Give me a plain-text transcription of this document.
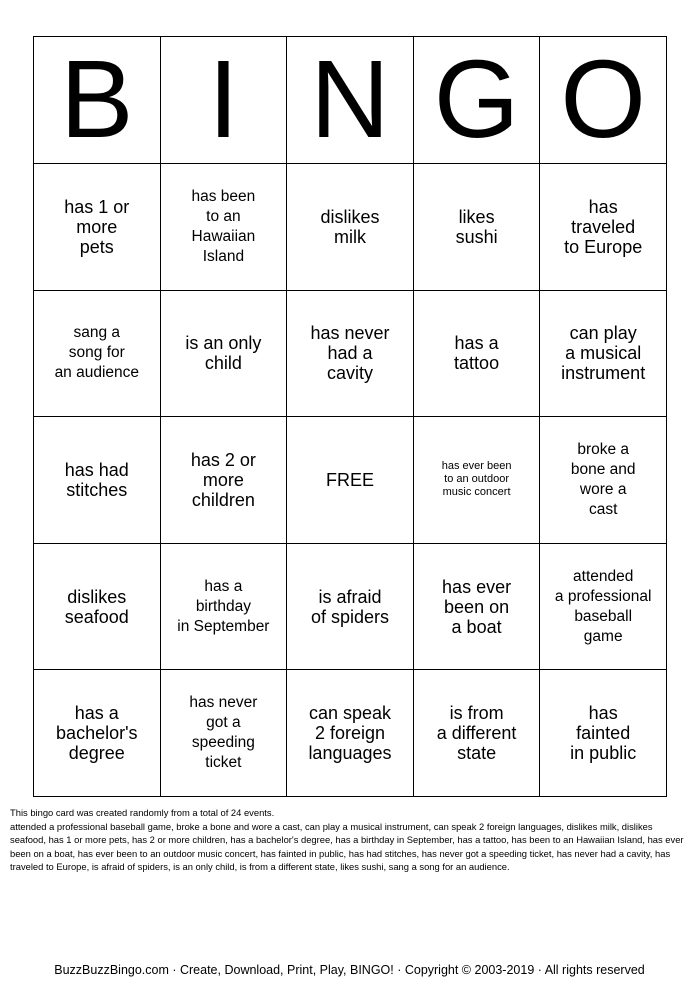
B	I	N	G	O

has 1 or
more
pets	has been
to an
Hawaiian
Island	dislikes
milk	likes
sushi	has
traveled
to Europe

sang a
song for
an audience	is an only
child	has never
had a
cavity	has a
tattoo	can play
a musical
instrument

has had
stitches	has 2 or
more
children	FREE	has ever been
to an outdoor
music concert	broke a
bone and
wore a
cast

dislikes
seafood	has a
birthday
in September	is afraid
of spiders	has ever
been on
a boat	attended
a professional
baseball
game

has a
bachelor's
degree	has never
got a
speeding
ticket	can speak
2 foreign
languages	is from
a different
state	has
fainted
in public

This bingo card was created randomly from a total of 24 events.

attended a professional baseball game, broke a bone and wore a cast, can play a musical instrument, can speak 2 foreign languages, dislikes milk, dislikes seafood, has 1 or more pets, has 2 or more children, has a bachelor's degree, has a birthday in September, has a tattoo, has been to an Hawaiian Island, has ever been on a boat, has ever been to an outdoor music concert, has fainted in public, has had stitches, has never got a speeding ticket, has never had a cavity, has traveled to Europe, is afraid of spiders, is an only child, is from a different state, likes sushi, sang a song for an audience.

BuzzBuzzBingo.com · Create, Download, Print, Play, BINGO! · Copyright © 2003-2019 · All rights reserved
